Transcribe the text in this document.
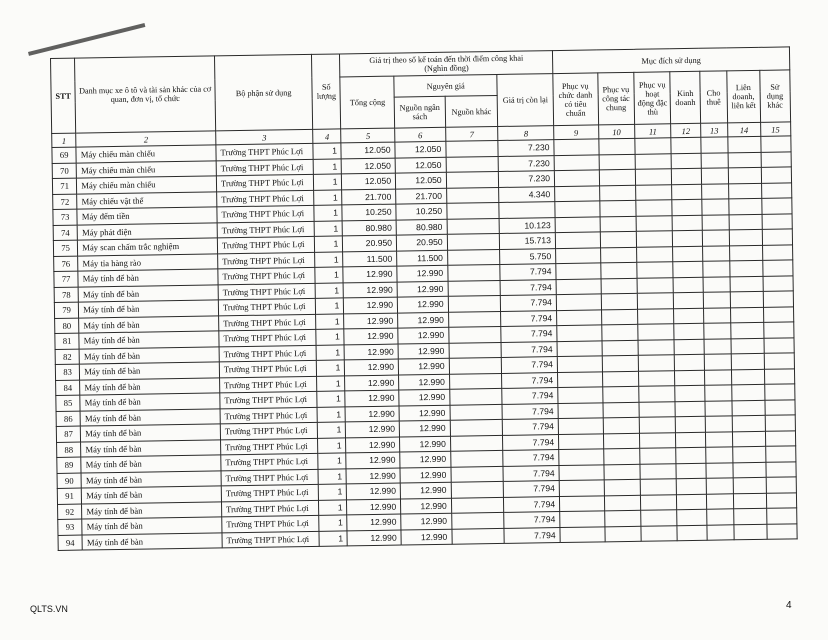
STT	Danh mục xe ô tô và tài sản khác của cơ quan, đơn vị, tổ chức	Bộ phận sử dụng	Số lượng	Giá trị theo sổ kế toán đến thời điểm công khai
(Nghìn đồng)				Mục đích sử dụng						
				Tổng cộng	Nguyên giá		Giá trị còn lại	Phục vụ chức danh có tiêu chuẩn	Phục vụ công tác chung	Phục vụ hoạt động đặc thù	Kinh doanh	Cho thuê	Liên doanh, liên kết	Sử dụng khác
					Nguồn ngân sách	Nguồn khác								
1	2	3	4	5	6	7	8	9	10	11	12	13	14	15
69	Máy chiếu màn chiếu	Trường THPT Phúc Lợi	1	12.050	12.050		7.230							
70	Máy chiếu màn chiếu	Trường THPT Phúc Lợi	1	12.050	12.050		7.230							
71	Máy chiếu màn chiếu	Trường THPT Phúc Lợi	1	12.050	12.050		7.230							
72	Máy chiếu vật thể	Trường THPT Phúc Lợi	1	21.700	21.700		4.340							
73	Máy đếm tiền	Trường THPT Phúc Lợi	1	10.250	10.250									
74	Máy phát điện	Trường THPT Phúc Lợi	1	80.980	80.980		10.123							
75	Máy scan chấm trắc nghiệm	Trường THPT Phúc Lợi	1	20.950	20.950		15.713							
76	Máy tỉa hàng rào	Trường THPT Phúc Lợi	1	11.500	11.500		5.750							
77	Máy tính để bàn	Trường THPT Phúc Lợi	1	12.990	12.990		7.794							
78	Máy tính để bàn	Trường THPT Phúc Lợi	1	12.990	12.990		7.794							
79	Máy tính để bàn	Trường THPT Phúc Lợi	1	12.990	12.990		7.794							
80	Máy tính để bàn	Trường THPT Phúc Lợi	1	12.990	12.990		7.794							
81	Máy tính để bàn	Trường THPT Phúc Lợi	1	12.990	12.990		7.794							
82	Máy tính để bàn	Trường THPT Phúc Lợi	1	12.990	12.990		7.794							
83	Máy tính để bàn	Trường THPT Phúc Lợi	1	12.990	12.990		7.794							
84	Máy tính để bàn	Trường THPT Phúc Lợi	1	12.990	12.990		7.794							
85	Máy tính để bàn	Trường THPT Phúc Lợi	1	12.990	12.990		7.794							
86	Máy tính để bàn	Trường THPT Phúc Lợi	1	12.990	12.990		7.794							
87	Máy tính để bàn	Trường THPT Phúc Lợi	1	12.990	12.990		7.794							
88	Máy tính để bàn	Trường THPT Phúc Lợi	1	12.990	12.990		7.794							
89	Máy tính để bàn	Trường THPT Phúc Lợi	1	12.990	12.990		7.794							
90	Máy tính để bàn	Trường THPT Phúc Lợi	1	12.990	12.990		7.794							
91	Máy tính để bàn	Trường THPT Phúc Lợi	1	12.990	12.990		7.794							
92	Máy tính để bàn	Trường THPT Phúc Lợi	1	12.990	12.990		7.794							
93	Máy tính để bàn	Trường THPT Phúc Lợi	1	12.990	12.990		7.794							
94	Máy tính để bàn	Trường THPT Phúc Lợi	1	12.990	12.990		7.794							
QLTS.VN	4
